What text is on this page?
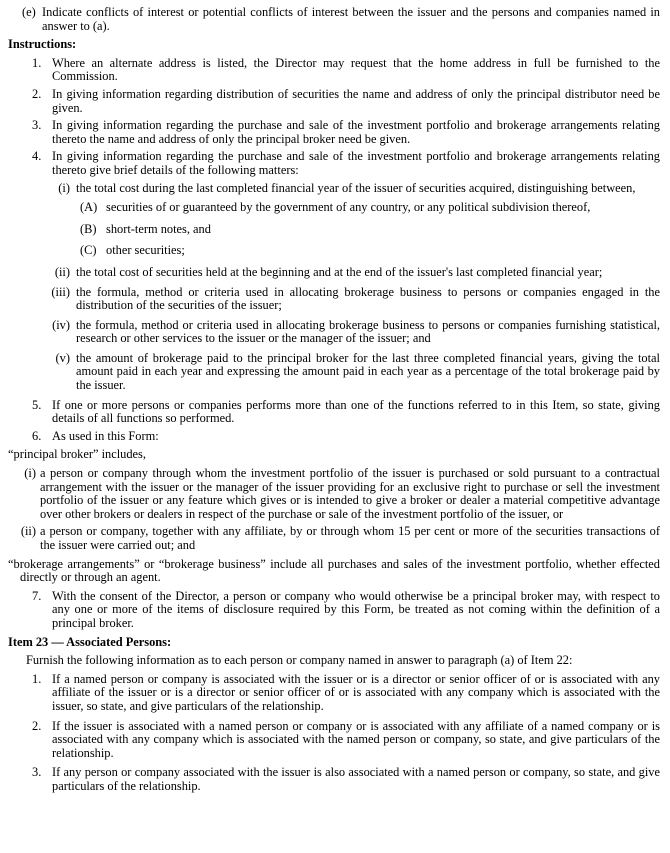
(e) Indicate conflicts of interest or potential conflicts of interest between the issuer and the persons and companies named in answer to (a).
Instructions:
1. Where an alternate address is listed, the Director may request that the home address in full be furnished to the Commission.
2. In giving information regarding distribution of securities the name and address of only the principal distributor need be given.
3. In giving information regarding the purchase and sale of the investment portfolio and brokerage arrangements relating thereto the name and address of only the principal broker need be given.
4. In giving information regarding the purchase and sale of the investment portfolio and brokerage arrangements relating thereto give brief details of the following matters:
(i) the total cost during the last completed financial year of the issuer of securities acquired, distinguishing between,
(A) securities of or guaranteed by the government of any country, or any political subdivision thereof,
(B) short-term notes, and
(C) other securities;
(ii) the total cost of securities held at the beginning and at the end of the issuer's last completed financial year;
(iii) the formula, method or criteria used in allocating brokerage business to persons or companies engaged in the distribution of the securities of the issuer;
(iv) the formula, method or criteria used in allocating brokerage business to persons or companies furnishing statistical, research or other services to the issuer or the manager of the issuer; and
(v) the amount of brokerage paid to the principal broker for the last three completed financial years, giving the total amount paid in each year and expressing the amount paid in each year as a percentage of the total brokerage paid by the issuer.
5. If one or more persons or companies performs more than one of the functions referred to in this Item, so state, giving details of all functions so performed.
6. As used in this Form:
“principal broker” includes,
(i) a person or company through whom the investment portfolio of the issuer is purchased or sold pursuant to a contractual arrangement with the issuer or the manager of the issuer providing for an exclusive right to purchase or sell the investment portfolio of the issuer or any feature which gives or is intended to give a broker or dealer a material competitive advantage over other brokers or dealers in respect of the purchase or sale of the investment portfolio of the issuer, or
(ii) a person or company, together with any affiliate, by or through whom 15 per cent or more of the securities transactions of the issuer were carried out; and
“brokerage arrangements” or “brokerage business” include all purchases and sales of the investment portfolio, whether effected directly or through an agent.
7. With the consent of the Director, a person or company who would otherwise be a principal broker may, with respect to any one or more of the items of disclosure required by this Form, be treated as not coming within the definition of a principal broker.
Item 23 — Associated Persons:
Furnish the following information as to each person or company named in answer to paragraph (a) of Item 22:
1. If a named person or company is associated with the issuer or is a director or senior officer of or is associated with any affiliate of the issuer or is a director or senior officer of or is associated with any company which is associated with the issuer, so state, and give particulars of the relationship.
2. If the issuer is associated with a named person or company or is associated with any affiliate of a named company or is associated with any company which is associated with the named person or company, so state, and give particulars of the relationship.
3. If any person or company associated with the issuer is also associated with a named person or company, so state, and give particulars of the relationship.
